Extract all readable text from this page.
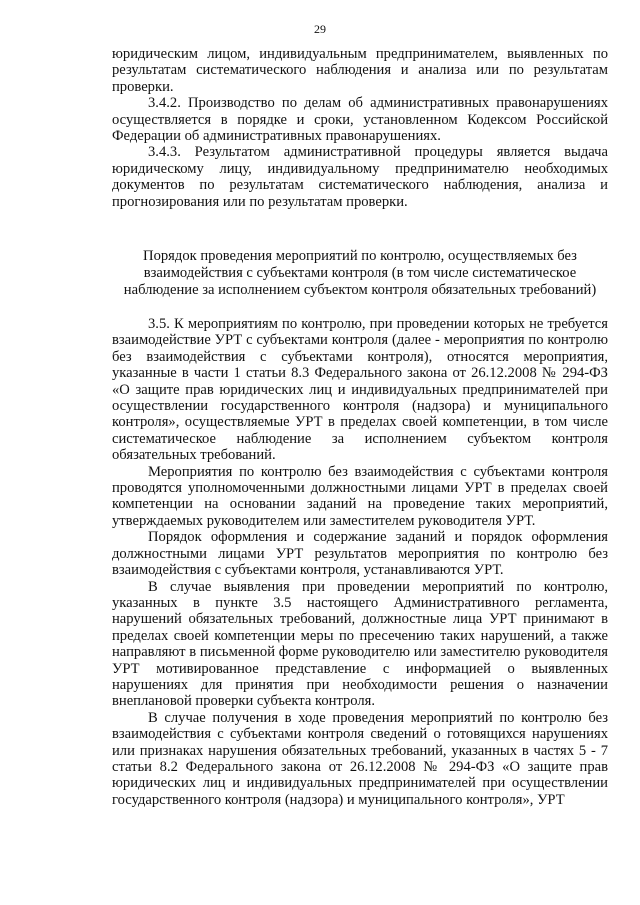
29

юридическим лицом, индивидуальным предпринимателем, выявленных по результатам систематического наблюдения и анализа или по результатам проверки.

3.4.2. Производство по делам об административных правонарушениях осуществляется в порядке и сроки, установленном Кодексом Российской Федерации об административных правонарушениях.

3.4.3. Результатом административной процедуры является выдача юридическому лицу, индивидуальному предпринимателю необходимых документов по результатам систематического наблюдения, анализа и прогнозирования или по результатам проверки.

Порядок проведения мероприятий по контролю, осуществляемых без взаимодействия с субъектами контроля (в том числе систематическое наблюдение за исполнением субъектом контроля обязательных требований)

3.5. К мероприятиям по контролю, при проведении которых не требуется взаимодействие УРТ с субъектами контроля (далее - мероприятия по контролю без взаимодействия с субъектами контроля), относятся мероприятия, указанные в части 1 статьи 8.3 Федерального закона от 26.12.2008 № 294-ФЗ «О защите прав юридических лиц и индивидуальных предпринимателей при осуществлении государственного контроля (надзора) и муниципального контроля», осуществляемые УРТ в пределах своей компетенции, в том числе систематическое наблюдение за исполнением субъектом контроля обязательных требований.

Мероприятия по контролю без взаимодействия с субъектами контроля проводятся уполномоченными должностными лицами УРТ в пределах своей компетенции на основании заданий на проведение таких мероприятий, утверждаемых руководителем или заместителем руководителя УРТ.

Порядок оформления и содержание заданий и порядок оформления должностными лицами УРТ результатов мероприятия по контролю без взаимодействия с субъектами контроля, устанавливаются УРТ.

В случае выявления при проведении мероприятий по контролю, указанных в пункте 3.5 настоящего Административного регламента, нарушений обязательных требований, должностные лица УРТ принимают в пределах своей компетенции меры по пресечению таких нарушений, а также направляют в письменной форме руководителю или заместителю руководителя УРТ мотивированное представление с информацией о выявленных нарушениях для принятия при необходимости решения о назначении внеплановой проверки субъекта контроля.

В случае получения в ходе проведения мероприятий по контролю без взаимодействия с субъектами контроля сведений о готовящихся нарушениях или признаках нарушения обязательных требований, указанных в частях 5 - 7 статьи 8.2 Федерального закона от 26.12.2008 № 294-ФЗ «О защите прав юридических лиц и индивидуальных предпринимателей при осуществлении государственного контроля (надзора) и муниципального контроля», УРТ
